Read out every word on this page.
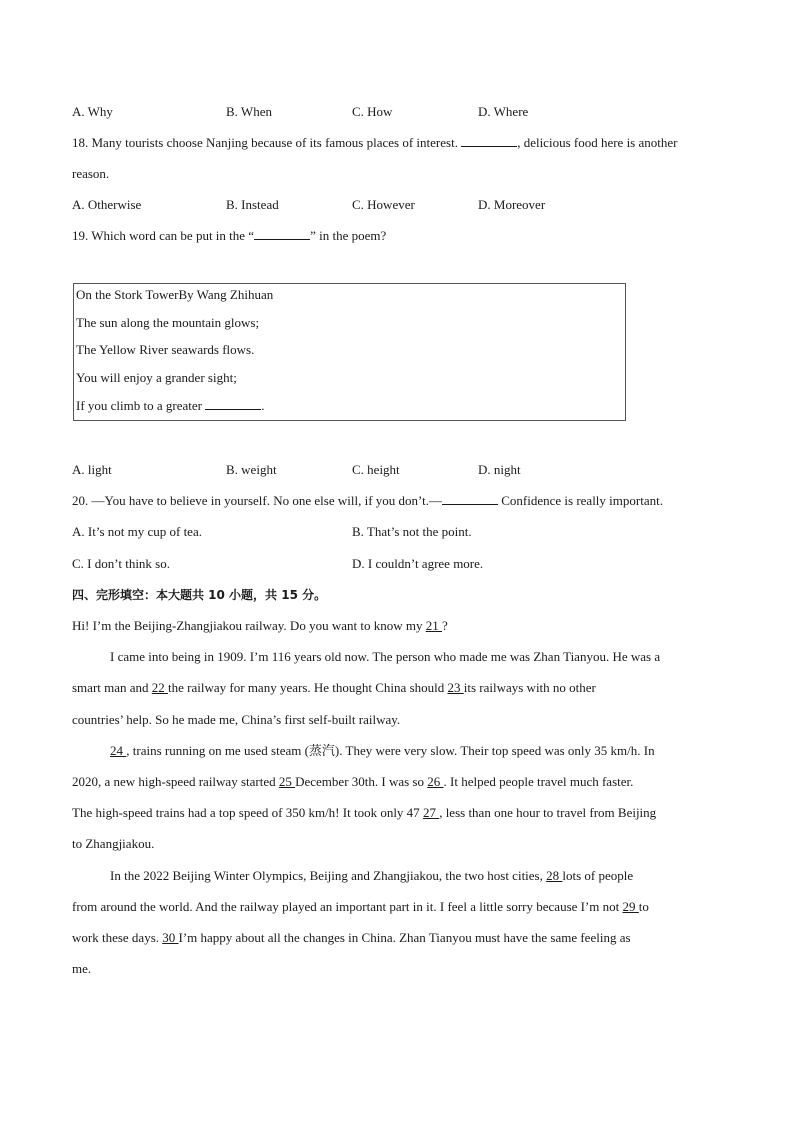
A. Why	B. When	C. How	D. Where
18. Many tourists choose Nanjing because of its famous places of interest.	, delicious food here is another
reason.
A. Otherwise	B. Instead	C. However	D. Moreover
19. Which word can be put in the “	” in the poem?
On the Stork TowerBy Wang Zhihuan
The sun along the mountain glows;
The Yellow River seawards flows.
You will enjoy a grander sight;
If you climb to a greater	.
A. light	B. weight	C. height	D. night
20. —You have to believe in yourself. No one else will, if you don’t.—	Confidence is really important.
A. It’s not my cup of tea.	B. That’s not the point.
C. I don’t think so.	D. I couldn’t agree more.
四、完形填空：本大题共 10 小题，共 15 分。
Hi! I’m the Beijing-Zhangjiakou railway. Do you want to know my 21 ?
I came into being in 1909. I’m 116 years old now. The person who made me was Zhan Tianyou. He was a
smart man and 22 the railway for many years. He thought China should 23 its railways with no other
countries’ help. So he made me, China’s first self-built railway.
24 , trains running on me used steam (蒸汽). They were very slow. Their top speed was only 35 km/h. In
2020, a new high-speed railway started 25 December 30th. I was so 26 . It helped people travel much faster.
The high-speed trains had a top speed of 350 km/h! It took only 47 27 , less than one hour to travel from Beijing
to Zhangjiakou.
In the 2022 Beijing Winter Olympics, Beijing and Zhangjiakou, the two host cities, 28 lots of people
from around the world. And the railway played an important part in it. I feel a little sorry because I’m not 29 to
work these days. 30 I’m happy about all the changes in China. Zhan Tianyou must have the same feeling as
me.
